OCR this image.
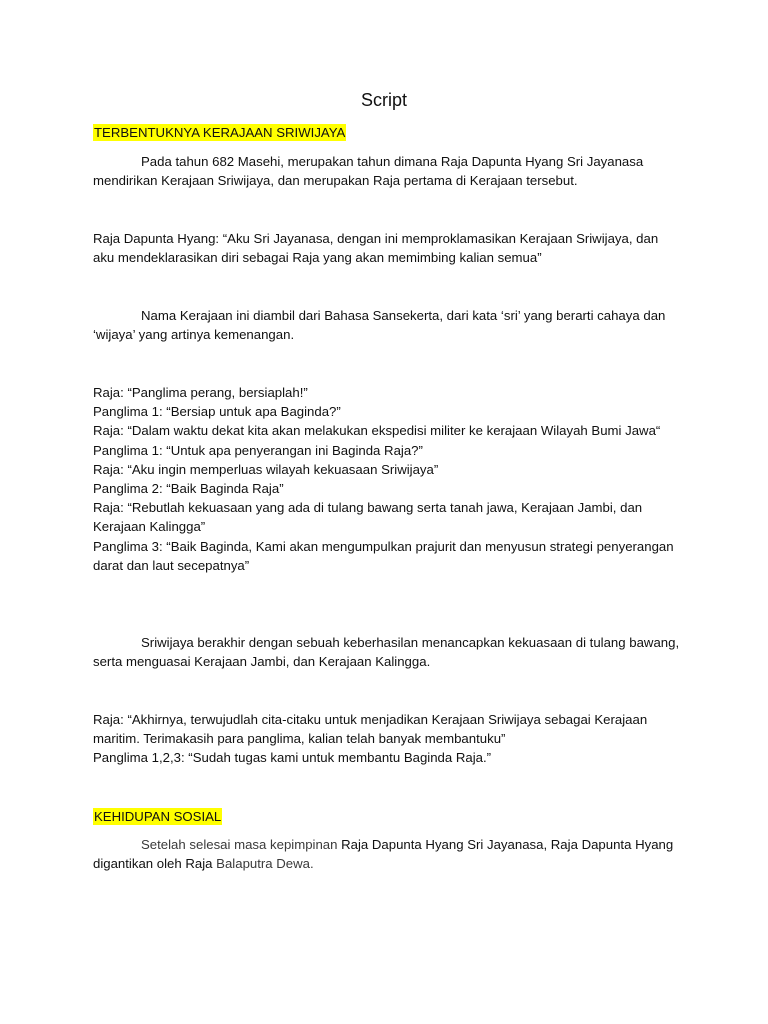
Script
TERBENTUKNYA KERAJAAN SRIWIJAYA

Pada tahun 682 Masehi, merupakan tahun dimana Raja Dapunta Hyang Sri Jayanasa mendirikan Kerajaan Sriwijaya, dan merupakan Raja pertama di Kerajaan tersebut.

Raja Dapunta Hyang: “Aku Sri Jayanasa, dengan ini memproklamasikan Kerajaan Sriwijaya, dan aku mendeklarasikan diri sebagai Raja yang akan memimbing kalian semua”

Nama Kerajaan ini diambil dari Bahasa Sansekerta, dari kata ‘sri’ yang berarti cahaya dan ‘wijaya’ yang artinya kemenangan.

Raja: “Panglima perang, bersiaplah!”

Panglima 1: “Bersiap untuk apa Baginda?”

Raja: “Dalam waktu dekat kita akan melakukan ekspedisi militer ke kerajaan Wilayah Bumi Jawa“

Panglima 1: “Untuk apa penyerangan ini Baginda Raja?”

Raja: “Aku ingin memperluas wilayah kekuasaan Sriwijaya”

Panglima 2: “Baik Baginda Raja”

Raja: “Rebutlah kekuasaan yang ada di tulang bawang serta tanah jawa, Kerajaan Jambi, dan Kerajaan Kalingga”

Panglima 3: “Baik Baginda, Kami akan mengumpulkan prajurit dan menyusun strategi penyerangan darat dan laut secepatnya”

Sriwijaya berakhir dengan sebuah keberhasilan menancapkan kekuasaan di tulang bawang, serta menguasai Kerajaan Jambi, dan Kerajaan Kalingga.

Raja: “Akhirnya, terwujudlah cita-citaku untuk menjadikan Kerajaan Sriwijaya sebagai Kerajaan maritim. Terimakasih para panglima, kalian telah banyak membantuku”

Panglima 1,2,3: “Sudah tugas kami untuk membantu Baginda Raja.”

KEHIDUPAN SOSIAL

Setelah selesai masa kepimpinan Raja Dapunta Hyang Sri Jayanasa, Raja Dapunta Hyang digantikan oleh Raja Balaputra Dewa.
